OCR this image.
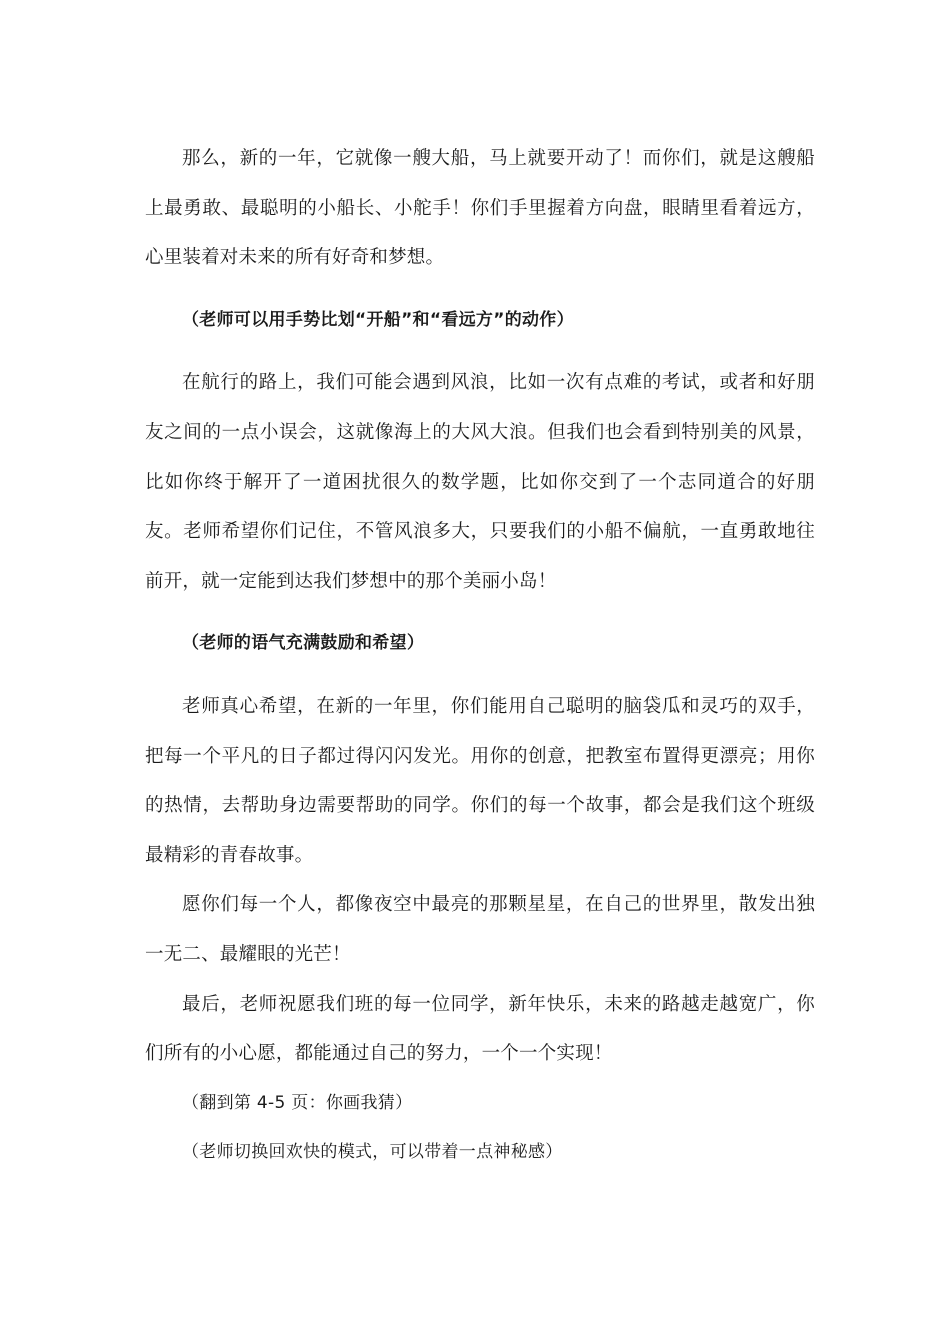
那么，新的一年，它就像一艘大船，马上就要开动了！而你们，就是这艘船上最勇敢、最聪明的小船长、小舵手！你们手里握着方向盘，眼睛里看着远方，心里装着对未来的所有好奇和梦想。

（老师可以用手势比划“开船”和“看远方”的动作）

在航行的路上，我们可能会遇到风浪，比如一次有点难的考试，或者和好朋友之间的一点小误会，这就像海上的大风大浪。但我们也会看到特别美的风景，比如你终于解开了一道困扰很久的数学题，比如你交到了一个志同道合的好朋友。老师希望你们记住，不管风浪多大，只要我们的小船不偏航，一直勇敢地往前开，就一定能到达我们梦想中的那个美丽小岛！

（老师的语气充满鼓励和希望）

老师真心希望，在新的一年里，你们能用自己聪明的脑袋瓜和灵巧的双手，把每一个平凡的日子都过得闪闪发光。用你的创意，把教室布置得更漂亮；用你的热情，去帮助身边需要帮助的同学。你们的每一个故事，都会是我们这个班级最精彩的青春故事。

愿你们每一个人，都像夜空中最亮的那颗星星，在自己的世界里，散发出独一无二、最耀眼的光芒！

最后，老师祝愿我们班的每一位同学，新年快乐，未来的路越走越宽广，你们所有的小心愿，都能通过自己的努力，一个一个实现！

（翻到第 4-5 页：你画我猜）

（老师切换回欢快的模式，可以带着一点神秘感）
